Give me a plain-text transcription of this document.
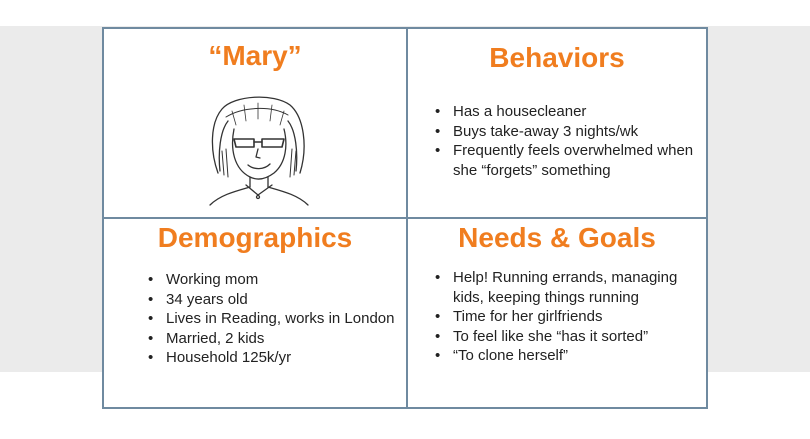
“Mary”	Behaviors
• Has a housecleaner
• Buys take-away 3 nights/wk
• Frequently feels overwhelmed when she “forgets” something
Demographics
• Working mom
• 34 years old
• Lives in Reading, works in London
• Married, 2 kids
• Household 125k/yr
Needs & Goals
• Help! Running errands, managing kids, keeping things running
• Time for her girlfriends
• To feel like she “has it sorted”
• “To clone herself”
